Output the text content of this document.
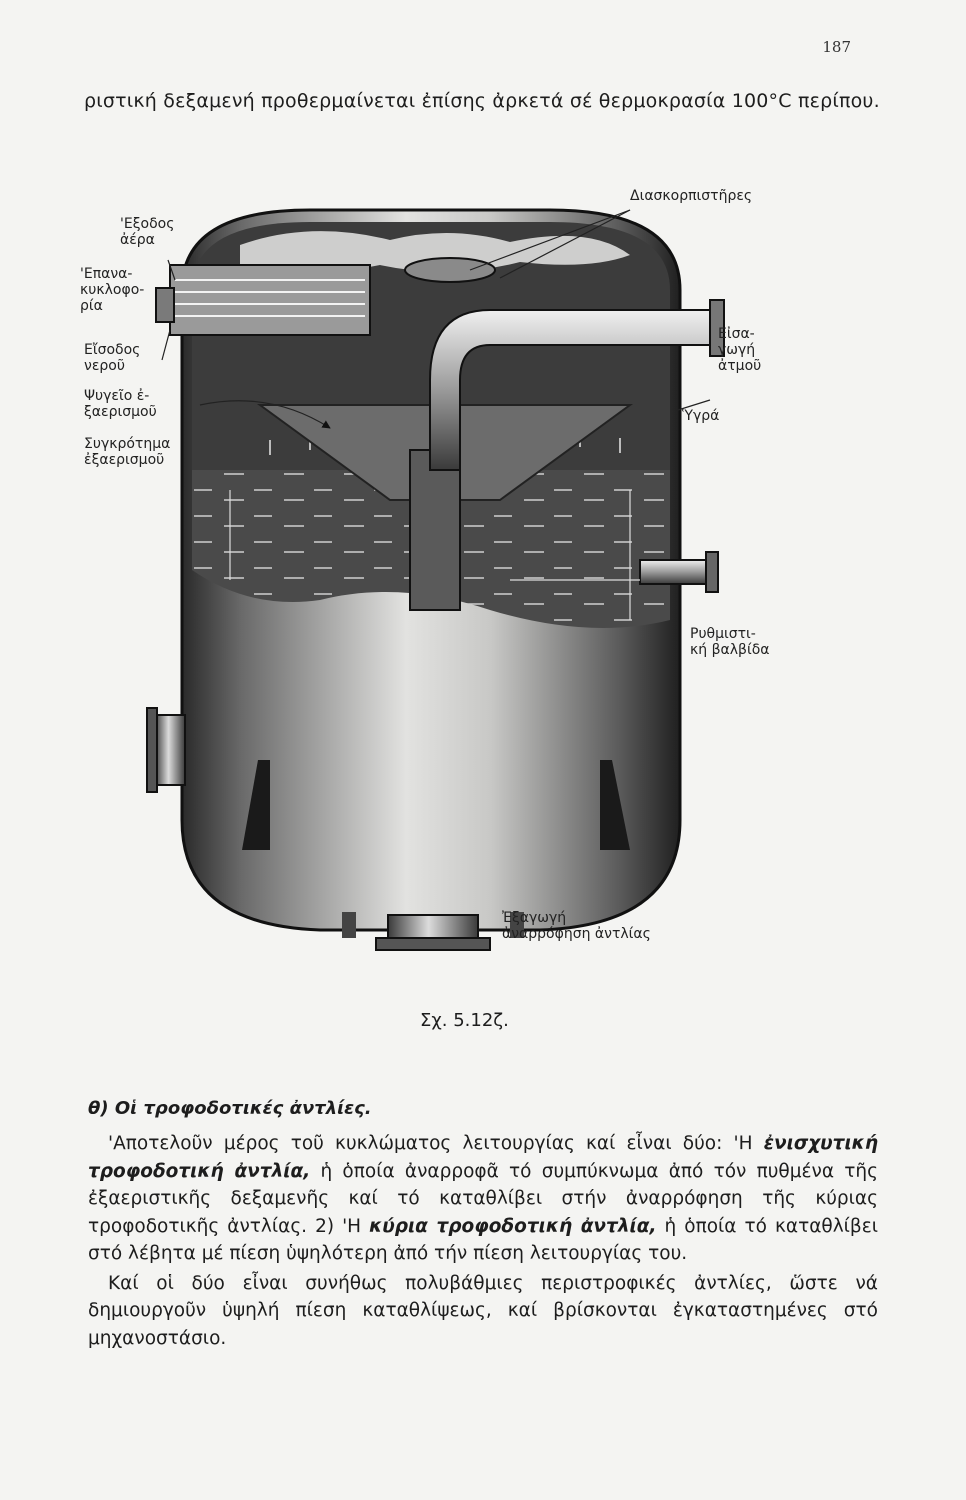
187
ριστική δεξαμενή προθερμαίνεται ἐπίσης ἀρκετά σέ θερμοκρασία 100°C περίπου.
Διασκορπιστῆρες
'Εξοδος
ἀέρα
'Επανα-
κυκλοφο-
ρία
Εἴσοδος
νεροῦ
Ψυγεῖο ἐ-
ξαερισμοῦ
Συγκρότημα
ἐξαερισμοῦ
Εἰσα-
γωγή
ἀτμοῦ
Ὑγρά
Ρυθμιστι-
κή βαλβίδα
Ἐξαγωγή
ἀναρρόφηση ἀντλίας
Σχ. 5.12ζ.
θ) Οἱ τροφοδοτικές ἀντλίες.

'Αποτελοῦν μέρος τοῦ κυκλώματος λειτουργίας καί εἶναι δύο: 'Η ἐνισχυτική τροφοδοτική ἀντλία, ἡ ὁποία ἀναρροφᾶ τό συμπύκνωμα ἀπό τόν πυθμένα τῆς ἐξαεριστικῆς δεξαμενῆς καί τό καταθλίβει στήν ἀναρρόφηση τῆς κύριας τροφοδοτικῆς ἀντλίας. 2) 'Η κύρια τροφοδοτική ἀντλία, ἡ ὁποία τό καταθλίβει στό λέβητα μέ πίεση ὑψηλότερη ἀπό τήν πίεση λειτουργίας του.

Καί οἱ δύο εἶναι συνήθως πολυβάθμιες περιστροφικές ἀντλίες, ὥστε νά δημιουργοῦν ὑψηλή πίεση καταθλίψεως, καί βρίσκονται ἐγκαταστημένες στό μηχανοστάσιο.
